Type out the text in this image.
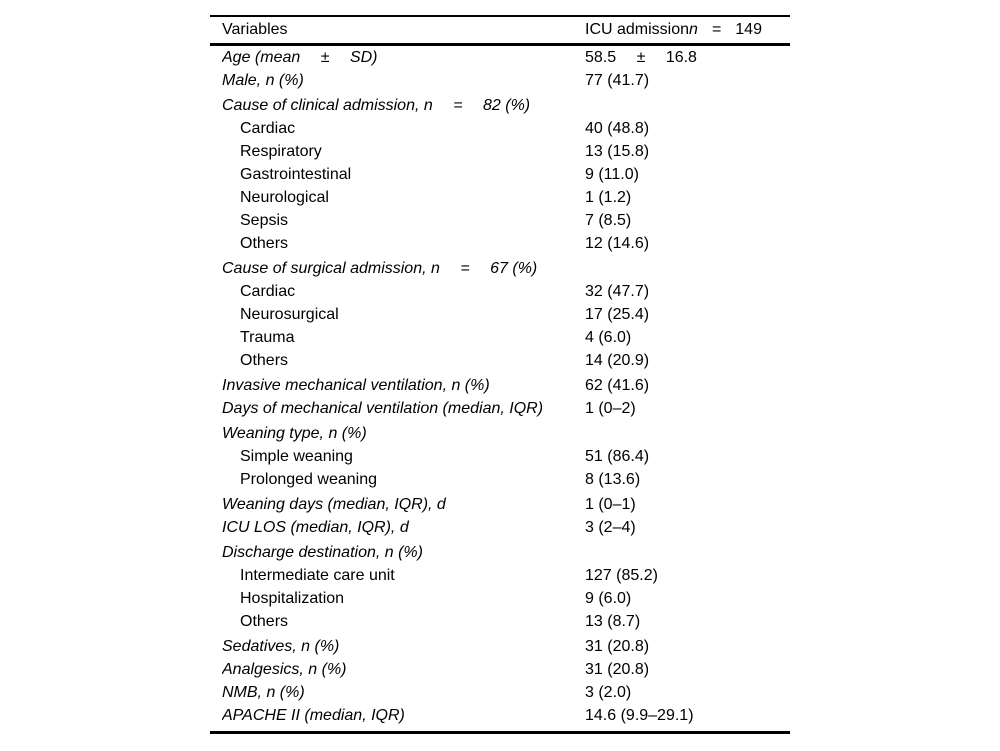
Variables	ICU admissionn = 149
Age (mean  ±  SD)	58.5  ±  16.8
Male, n (%)	77 (41.7)
Cause of clinical admission, n  =  82 (%)
Cardiac	40 (48.8)
Respiratory	13 (15.8)
Gastrointestinal	9 (11.0)
Neurological	1 (1.2)
Sepsis	7 (8.5)
Others	12 (14.6)
Cause of surgical admission, n  =  67 (%)
Cardiac	32 (47.7)
Neurosurgical	17 (25.4)
Trauma	4 (6.0)
Others	14 (20.9)
Invasive mechanical ventilation, n (%)	62 (41.6)
Days of mechanical ventilation (median, IQR)	1 (0–2)
Weaning type, n (%)
Simple weaning	51 (86.4)
Prolonged weaning	8 (13.6)
Weaning days (median, IQR), d	1 (0–1)
ICU LOS (median, IQR), d	3 (2–4)
Discharge destination, n (%)
Intermediate care unit	127 (85.2)
Hospitalization	9 (6.0)
Others	13 (8.7)
Sedatives, n (%)	31 (20.8)
Analgesics, n (%)	31 (20.8)
NMB, n (%)	3 (2.0)
APACHE II (median, IQR)	14.6 (9.9–29.1)
